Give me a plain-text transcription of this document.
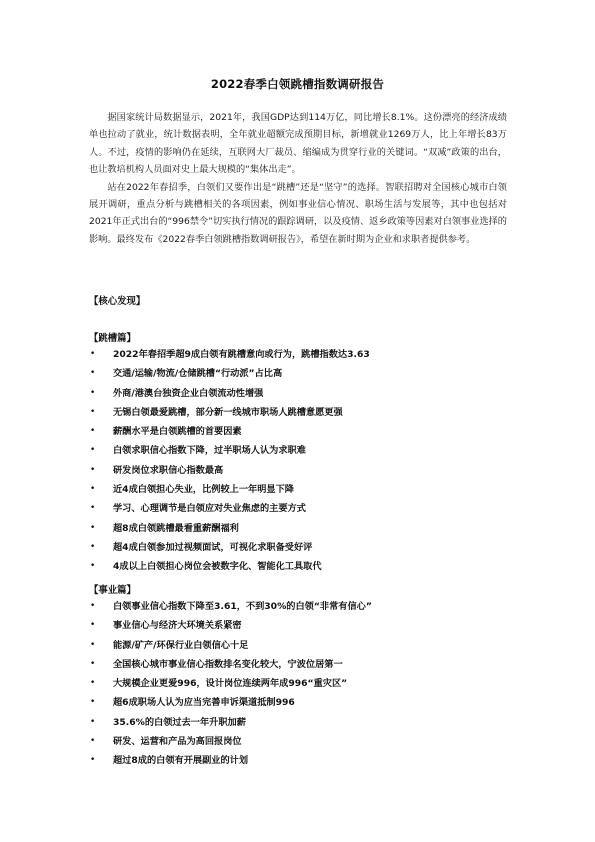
2022春季白领跳槽指数调研报告

据国家统计局数据显示，2021年，我国GDP达到114万亿，同比增长8.1%。这份漂亮的经济成绩单也拉动了就业，统计数据表明，全年就业超额完成预期目标，新增就业1269万人，比上年增长83万人。不过，疫情的影响仍在延续，互联网大厂裁员、缩编成为贯穿行业的关键词。“双减”政策的出台，也让教培机构人员面对史上最大规模的“集体出走”。

站在2022年春招季，白领们又要作出是“跳槽”还是“坚守”的选择。智联招聘对全国核心城市白领展开调研，重点分析与跳槽相关的各项因素，例如事业信心情况、职场生活与发展等，其中也包括对2021年正式出台的“996禁令”切实执行情况的跟踪调研，以及疫情、返乡政策等因素对白领事业选择的影响。最终发布《2022春季白领跳槽指数调研报告》，希望在新时期为企业和求职者提供参考。

【核心发现】
【跳槽篇】
• 2022年春招季超9成白领有跳槽意向或行为，跳槽指数达3.63
• 交通/运输/物流/仓储跳槽“行动派”占比高
• 外商/港澳台独资企业白领流动性增强
• 无锡白领最爱跳槽，部分新一线城市职场人跳槽意愿更强
• 薪酬水平是白领跳槽的首要因素
• 白领求职信心指数下降，过半职场人认为求职难
• 研发岗位求职信心指数最高
• 近4成白领担心失业，比例较上一年明显下降
• 学习、心理调节是白领应对失业焦虑的主要方式
• 超8成白领跳槽最看重薪酬福利
• 超4成白领参加过视频面试，可视化求职备受好评
• 4成以上白领担心岗位会被数字化、智能化工具取代
【事业篇】
• 白领事业信心指数下降至3.61，不到30%的白领“非常有信心”
• 事业信心与经济大环境关系紧密
• 能源/矿产/环保行业白领信心十足
• 全国核心城市事业信心指数排名变化较大，宁波位居第一
• 大规模企业更爱996，设计岗位连续两年成996“重灾区”
• 超6成职场人认为应当完善申诉渠道抵制996
• 35.6%的白领过去一年升职加薪
• 研发、运营和产品为高回报岗位
• 超过8成的白领有开展副业的计划
